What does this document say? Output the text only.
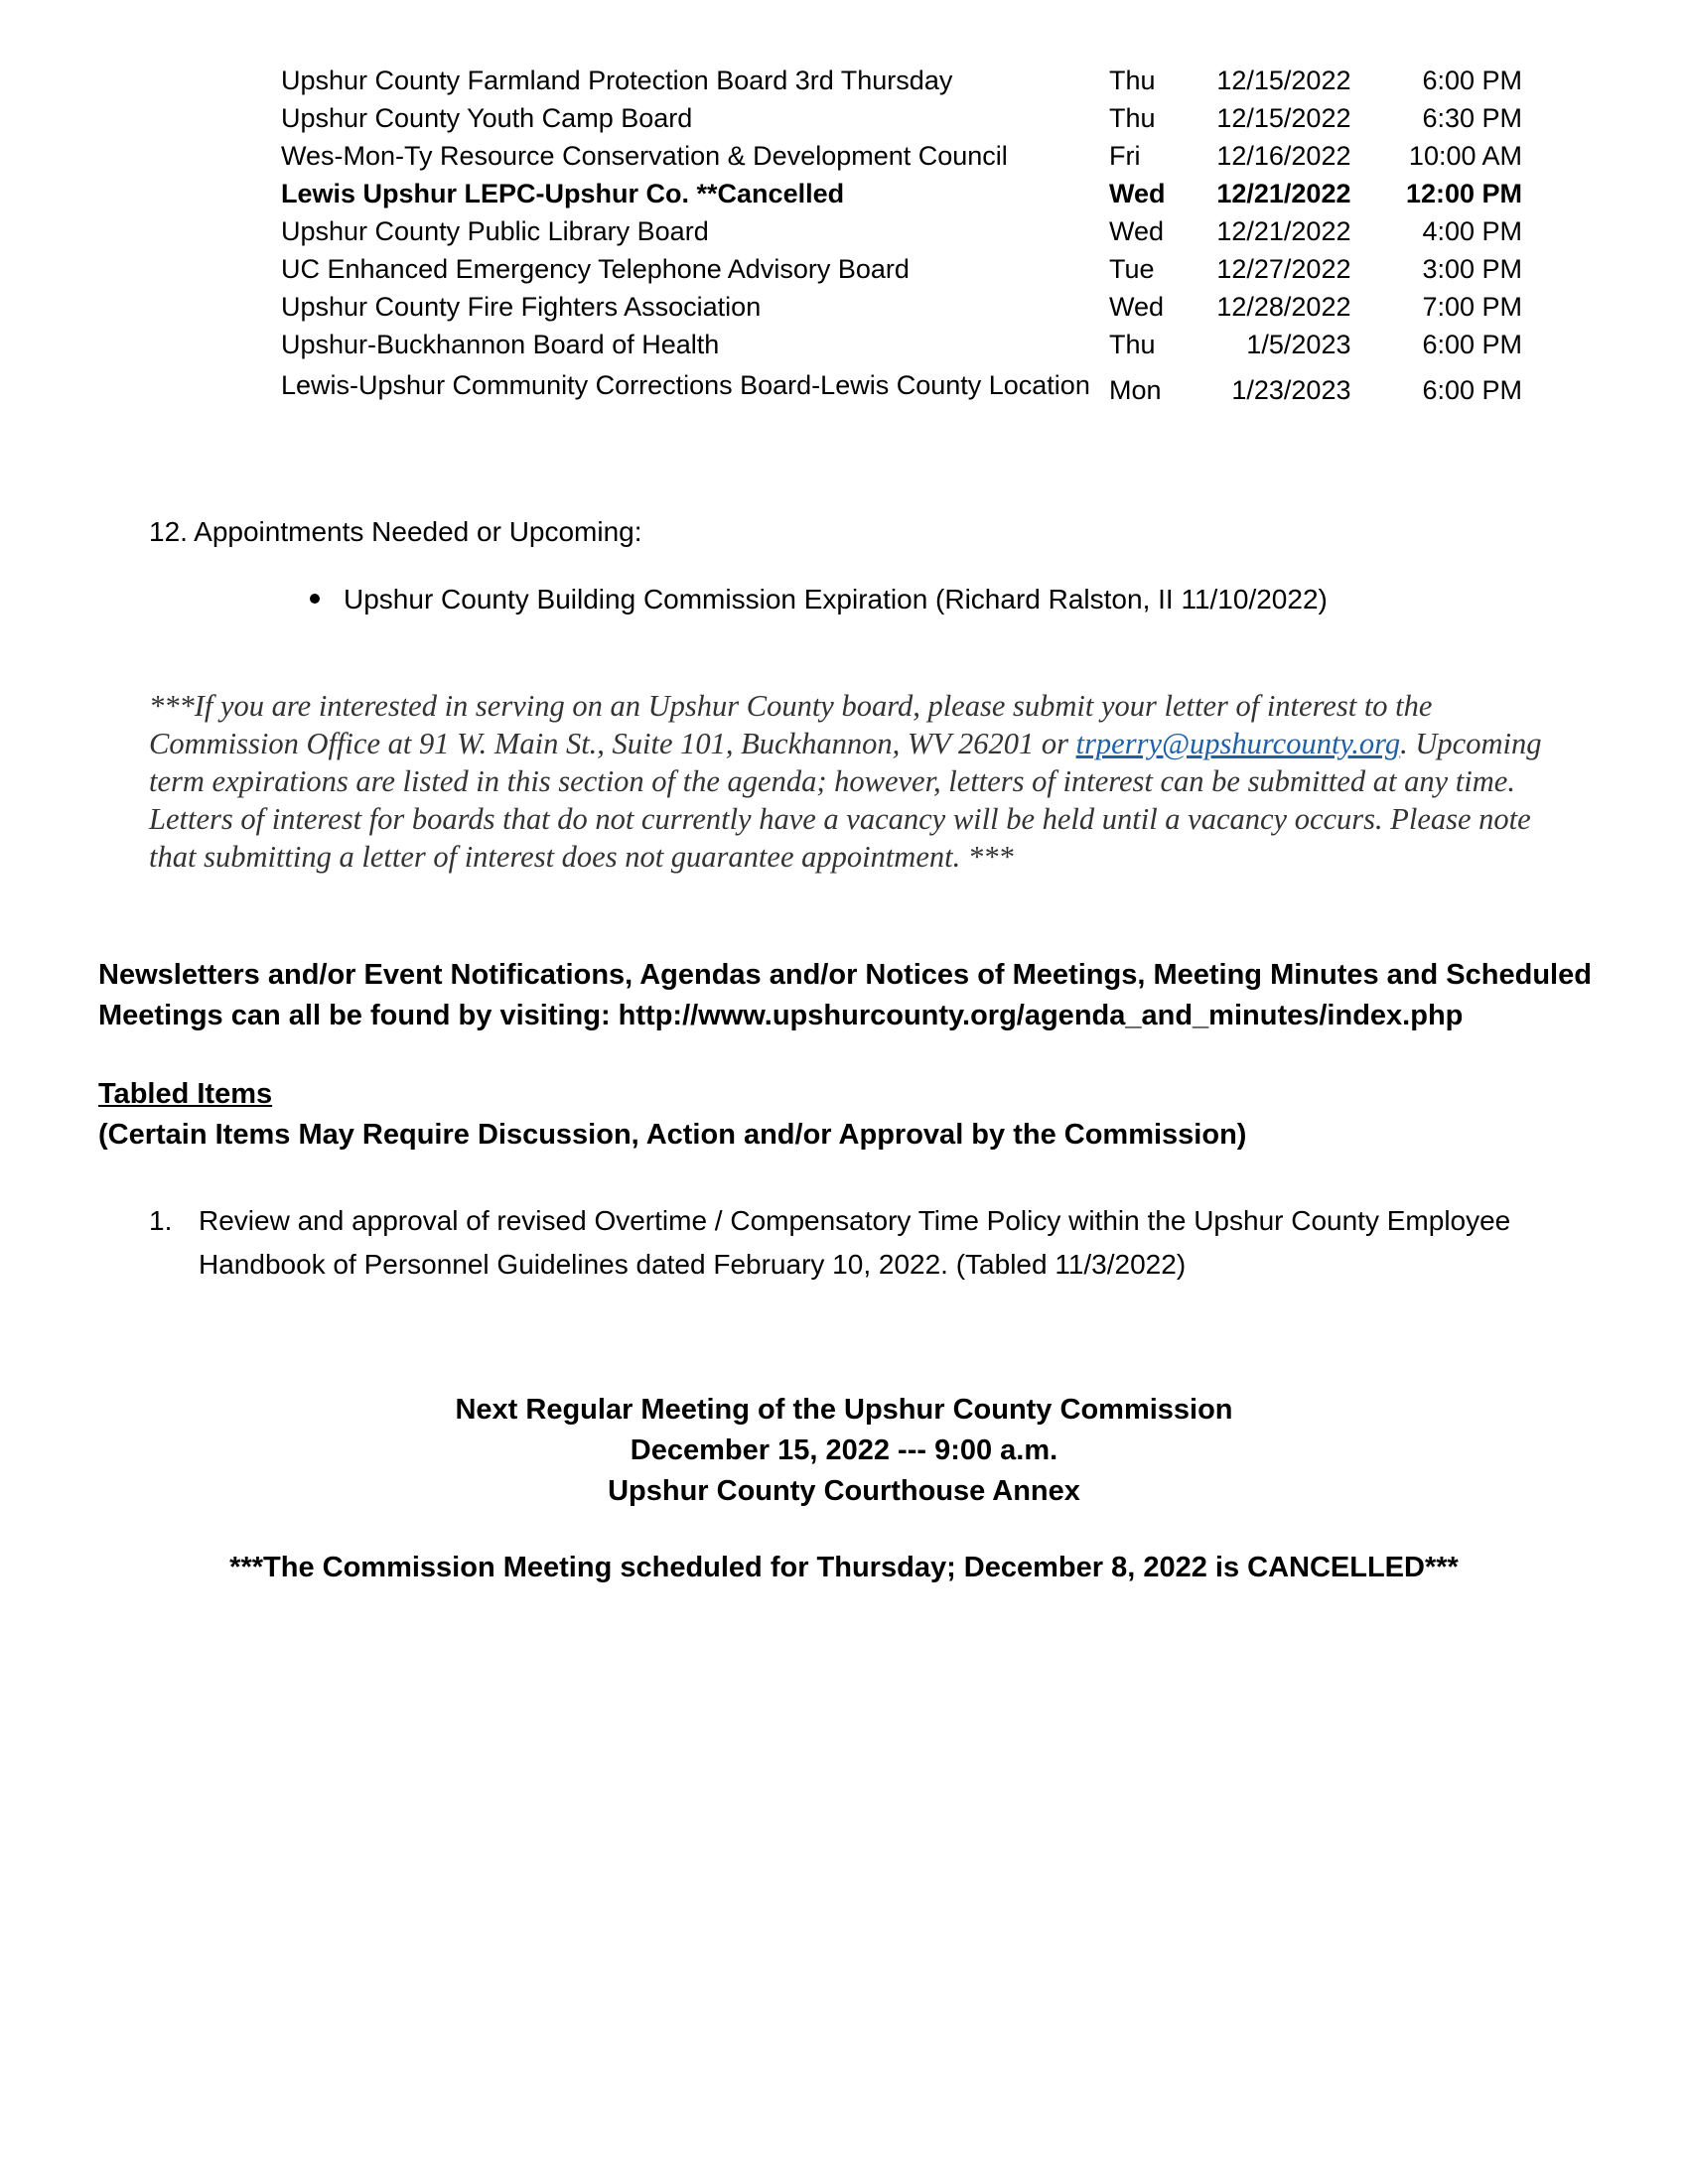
Upshur County Farmland Protection Board 3rd Thursday	Thu	12/15/2022	6:00 PM
Upshur County Youth Camp Board	Thu	12/15/2022	6:30 PM
Wes-Mon-Ty Resource Conservation & Development Council	Fri	12/16/2022	10:00 AM
Lewis Upshur LEPC-Upshur Co. **Cancelled	Wed	12/21/2022	12:00 PM
Upshur County Public Library Board	Wed	12/21/2022	4:00 PM
UC Enhanced Emergency Telephone Advisory Board	Tue	12/27/2022	3:00 PM
Upshur County Fire Fighters Association	Wed	12/28/2022	7:00 PM
Upshur-Buckhannon Board of Health	Thu	1/5/2023	6:00 PM
Lewis-Upshur Community Corrections Board-Lewis County Location	Mon	1/23/2023	6:00 PM
12. Appointments Needed or Upcoming:
Upshur County Building Commission Expiration (Richard Ralston, II 11/10/2022)
***If you are interested in serving on an Upshur County board, please submit your letter of interest to the Commission Office at 91 W. Main St., Suite 101, Buckhannon, WV 26201 or trperry@upshurcounty.org. Upcoming term expirations are listed in this section of the agenda; however, letters of interest can be submitted at any time. Letters of interest for boards that do not currently have a vacancy will be held until a vacancy occurs. Please note that submitting a letter of interest does not guarantee appointment. ***
Newsletters and/or Event Notifications, Agendas and/or Notices of Meetings, Meeting Minutes and Scheduled Meetings can all be found by visiting: http://www.upshurcounty.org/agenda_and_minutes/index.php
Tabled Items
(Certain Items May Require Discussion, Action and/or Approval by the Commission)
1. Review and approval of revised Overtime / Compensatory Time Policy within the Upshur County Employee Handbook of Personnel Guidelines dated February 10, 2022. (Tabled 11/3/2022)
Next Regular Meeting of the Upshur County Commission
December 15, 2022 --- 9:00 a.m.
Upshur County Courthouse Annex
***The Commission Meeting scheduled for Thursday; December 8, 2022 is CANCELLED***
